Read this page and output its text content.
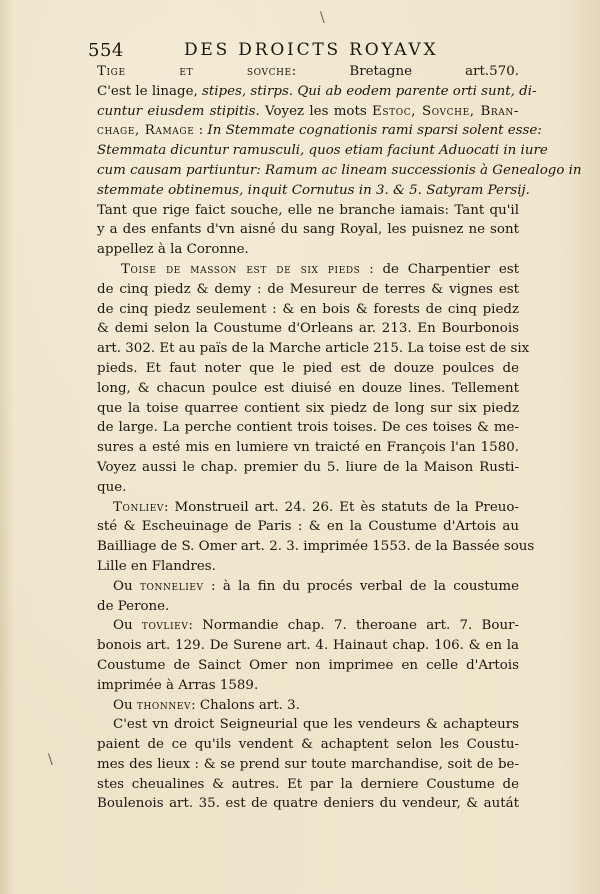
\
\
554	DES DROICTS ROYAVX
Tige et sovche: Bretagne art.570.
C'est le linage, stipes, stirps. Qui ab eodem parente orti sunt, di-
cuntur eiusdem stipitis. Voyez les mots Estoc, Sovche, Bran-
chage, Ramage : In Stemmate cognationis rami sparsi solent esse:
Stemmata dicuntur ramusculi, quos etiam faciunt Aduocati in iure
cum causam partiuntur: Ramum ac lineam successionis à Genealogo in
stemmate obtinemus, inquit Cornutus in 3. & 5. Satyram Persij.
Tant que rige faict souche, elle ne branche iamais: Tant qu'il
y a des enfants d'vn aisné du sang Royal, les puisnez ne sont
appellez à la Coronne.
Toise de masson est de six pieds : de Charpentier est
de cinq piedz & demy : de Mesureur de terres & vignes est
de cinq piedz seulement : & en bois & forests de cinq piedz
& demi selon la Coustume d'Orleans ar. 213. En Bourbonois
art. 302. Et au païs de la Marche article 215. La toise est de six
pieds. Et faut noter que le pied est de douze poulces de
long, & chacun poulce est diuisé en douze lines. Tellement
que la toise quarree contient six piedz de long sur six piedz
de large. La perche contient trois toises. De ces toises & me-
sures a esté mis en lumiere vn traicté en François l'an 1580.
Voyez aussi le chap. premier du 5. liure de la Maison Rusti-
que.
Tonliev: Monstrueil art. 24. 26. Et ès statuts de la Preuo-
sté & Escheuinage de Paris : & en la Coustume d'Artois au
Bailliage de S. Omer art. 2. 3. imprimée 1553. de la Bassée sous
Lille en Flandres.
Ou tonneliev : à la fin du procés verbal de la coustume
de Perone.
Ou tovliev: Normandie chap. 7. theroane art. 7. Bour-
bonois art. 129. De Surene art. 4. Hainaut chap. 106. & en la
Coustume de Sainct Omer non imprimee en celle d'Artois
imprimée à Arras 1589.
Ou thonnev: Chalons art. 3.
C'est vn droict Seigneurial que les vendeurs & achapteurs
paient de ce qu'ils vendent & achaptent selon les Coustu-
mes des lieux : & se prend sur toute marchandise, soit de be-
stes cheualines & autres. Et par la derniere Coustume de
Boulenois art. 35. est de quatre deniers du vendeur, & autát
